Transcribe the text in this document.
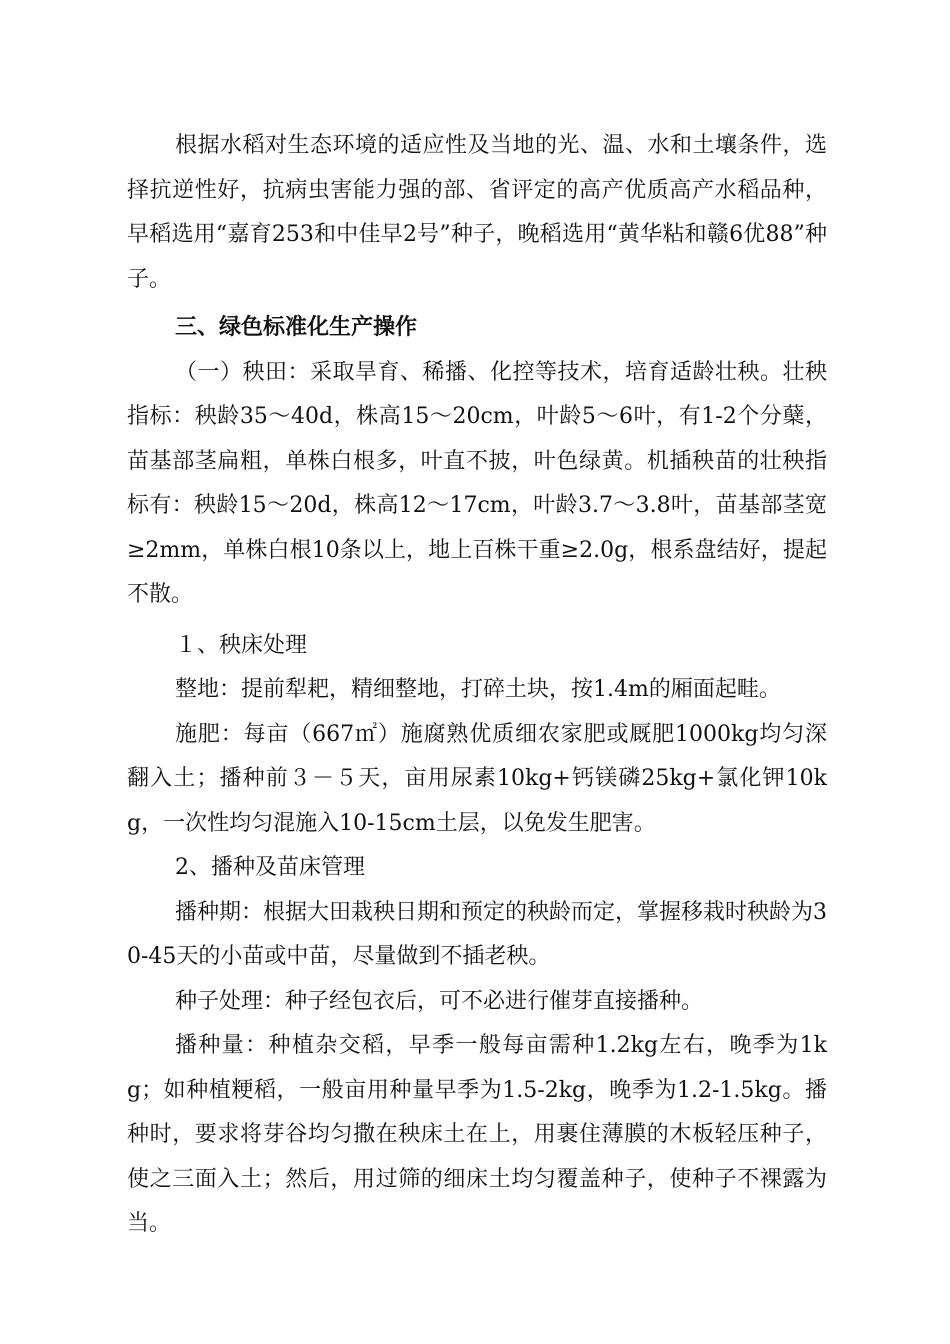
根据水稻对生态环境的适应性及当地的光、温、水和土壤条件，选择抗逆性好，抗病虫害能力强的部、省评定的高产优质高产水稻品种，早稻选用“嘉育253和中佳早2号”种子，晚稻选用“黄华粘和赣6优88”种子。

三、绿色标准化生产操作

（一）秧田：采取旱育、稀播、化控等技术，培育适龄壮秧。壮秧指标：秧龄35～40d，株高15～20cm，叶龄5～6叶，有1-2个分蘖，苗基部茎扁粗，单株白根多，叶直不披，叶色绿黄。机插秧苗的壮秧指标有：秧龄15～20d，株高12～17cm，叶龄3.7～3.8叶，苗基部茎宽≥2mm，单株白根10条以上，地上百株干重≥2.0g，根系盘结好，提起不散。

１、秧床处理

整地：提前犁耙，精细整地，打碎土块，按1.4m的厢面起畦。

施肥：每亩（667㎡）施腐熟优质细农家肥或厩肥1000kg均匀深翻入土；播种前３－５天，亩用尿素10kg+钙镁磷25kg+氯化钾10kg，一次性均匀混施入10-15cm土层，以免发生肥害。

2、播种及苗床管理

播种期：根据大田栽秧日期和预定的秧龄而定，掌握移栽时秧龄为30-45天的小苗或中苗，尽量做到不插老秧。

种子处理：种子经包衣后，可不必进行催芽直接播种。

播种量：种植杂交稻，早季一般每亩需种1.2kg左右，晚季为1kg；如种植粳稻，一般亩用种量早季为1.5-2kg，晚季为1.2-1.5kg。播种时，要求将芽谷均匀撒在秧床土在上，用裹住薄膜的木板轻压种子，使之三面入土；然后，用过筛的细床土均匀覆盖种子，使种子不裸露为当。
